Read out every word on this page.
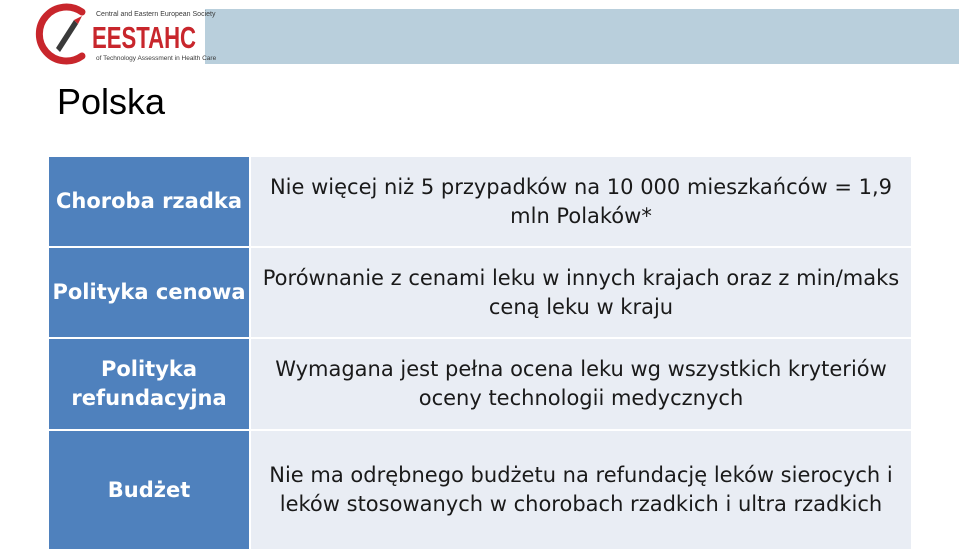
Central and Eastern European Society
EESTAHC
of Technology Assessment in Health Care
Polska
Choroba rzadka
Nie więcej niż 5 przypadków na 10 000 mieszkańców = 1,9 mln Polaków*
Polityka cenowa
Porównanie z cenami leku w innych krajach oraz z min/maks ceną leku w kraju
Polityka refundacyjna
Wymagana jest pełna ocena leku wg wszystkich kryteriów oceny technologii medycznych
Budżet
Nie ma odrębnego budżetu na refundację leków sierocych i leków stosowanych w chorobach rzadkich i ultra rzadkich
